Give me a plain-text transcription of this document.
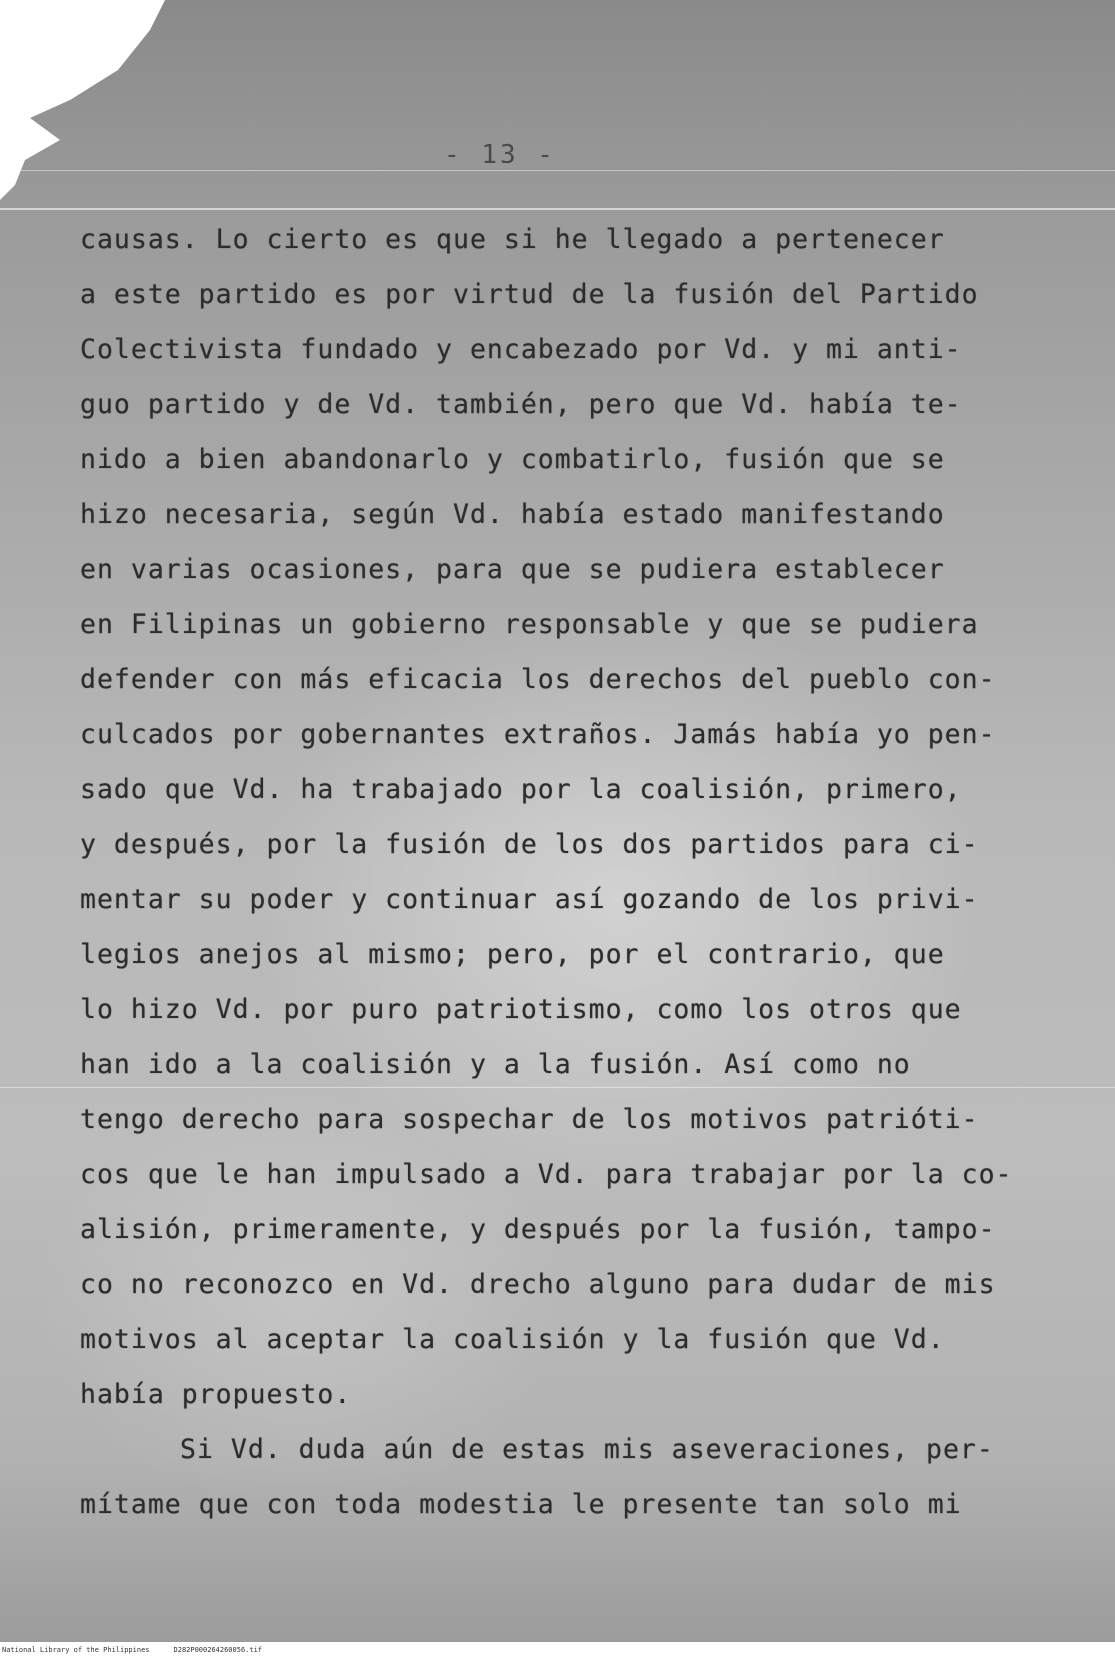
- 13 -
causas. Lo cierto es que si he llegado a pertenecer
a este partido es por virtud de la fusión del Partido
Colectivista fundado y encabezado por Vd. y mi anti-
guo partido y de Vd. también, pero que Vd. había te-
nido a bien abandonarlo y combatirlo, fusión que se
hizo necesaria, según Vd. había estado manifestando
en varias ocasiones, para que se pudiera establecer
en Filipinas un gobierno responsable y que se pudiera
defender con más eficacia los derechos del pueblo con-
culcados por gobernantes extraños. Jamás había yo pen-
sado que Vd. ha trabajado por la coalisión, primero,
y después, por la fusión de los dos partidos para ci-
mentar su poder y continuar así gozando de los privi-
legios anejos al mismo; pero, por el contrario, que
lo hizo Vd. por puro patriotismo, como los otros que
han ido a la coalisión y a la fusión. Así como no
tengo derecho para sospechar de los motivos patrióti-
cos que le han impulsado a Vd. para trabajar por la co-
alisión, primeramente, y después por la fusión, tampo-
co no reconozco en Vd. drecho alguno para dudar de mis
motivos al aceptar la coalisión y la fusión que Vd.
había propuesto.
Si Vd. duda aún de estas mis aseveraciones, per-
mítame que con toda modestia le presente tan solo mi
National Library of the Philippines	D282P000264260056.tif
